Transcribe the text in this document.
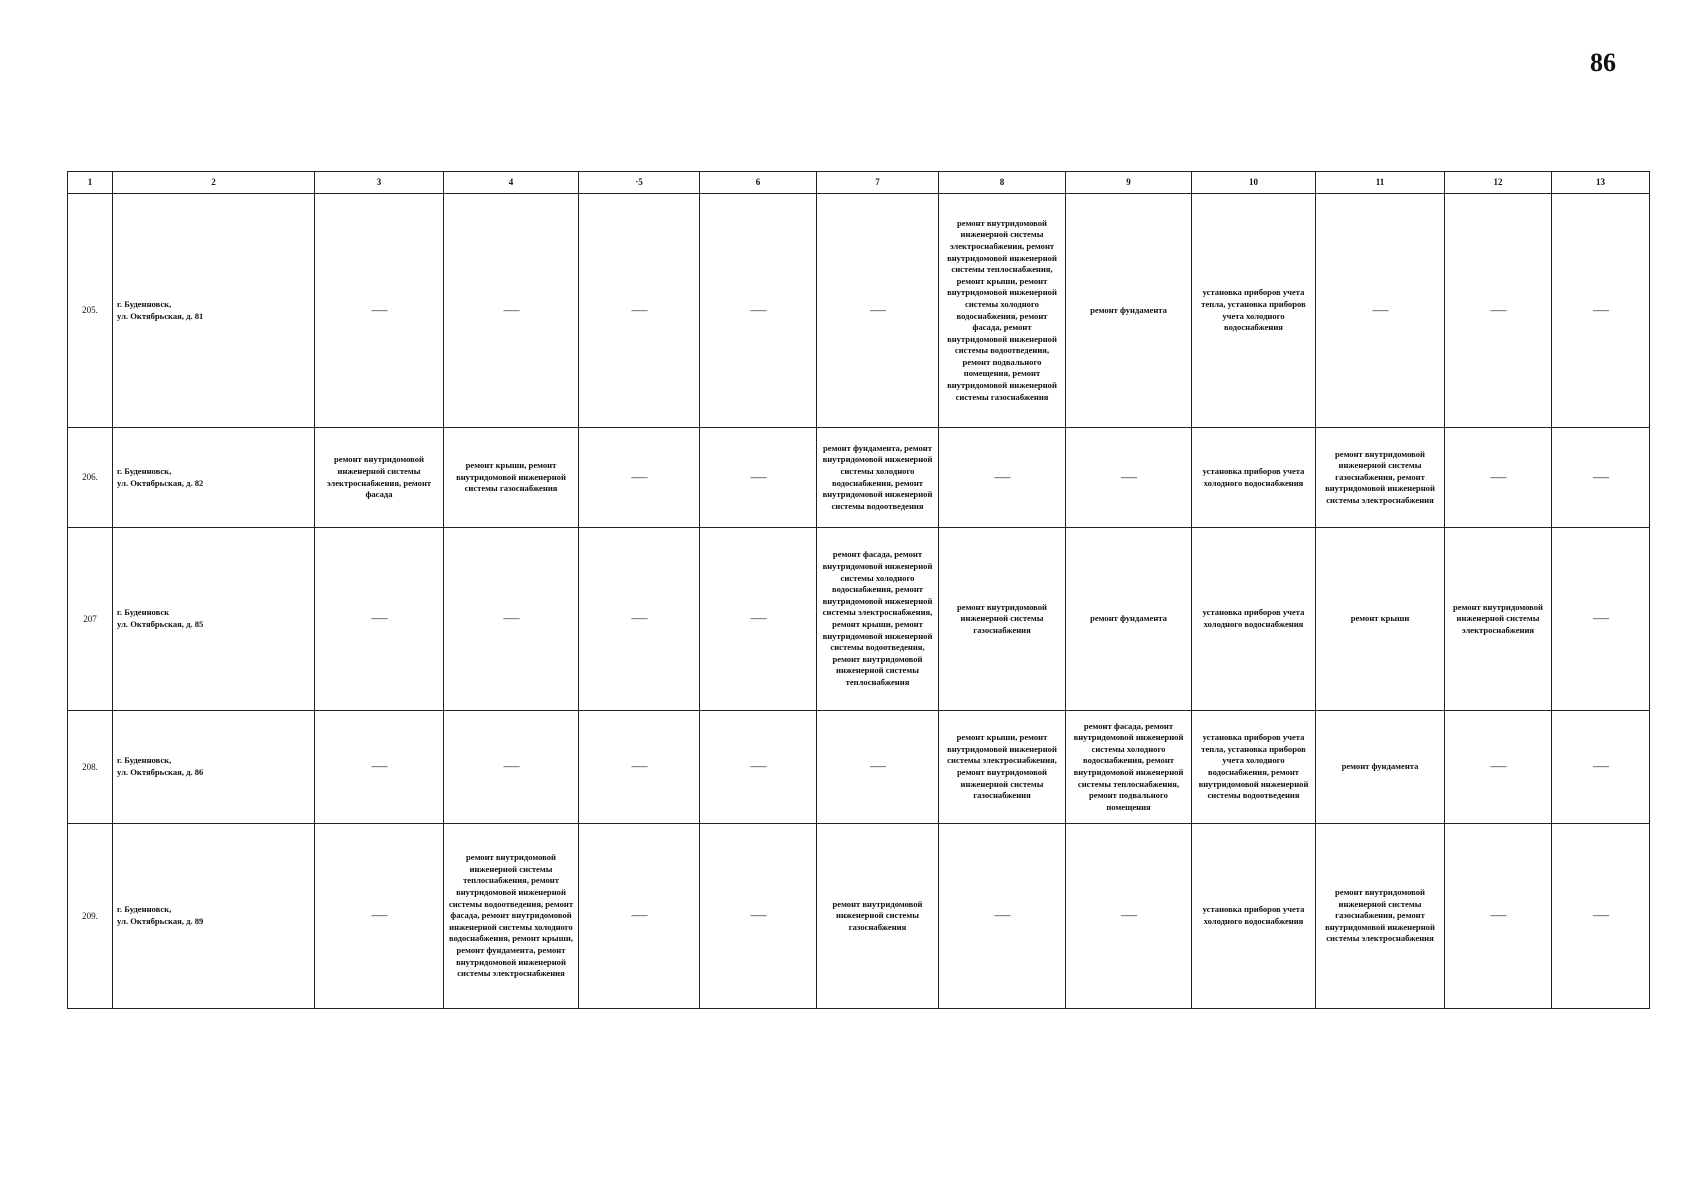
86
1	2	3	4	·5	6	7	8	9	10	11	12	13
205.	г. Буденновск,
ул. Октябрьская, д. 81	——	——	——	——	——	ремонт внутридомовой инженерной системы электроснабжения, ремонт внутридомовой инженерной системы теплоснабжения, ремонт крыши, ремонт внутридомовой инженерной системы холодного водоснабжения, ремонт фасада, ремонт внутридомовой инженерной системы водоотведения, ремонт подвального помещения, ремонт внутридомовой инженерной системы газоснабжения	ремонт фундамента	установка приборов учета тепла, установка приборов учета холодного водоснабжения	——	——	——
206.	г. Буденновск,
ул. Октябрьская, д. 82	ремонт внутридомовой инженерной системы электроснабжения, ремонт фасада	ремонт крыши, ремонт внутридомовой инженерной системы газоснабжения	——	——	ремонт фундамента, ремонт внутридомовой инженерной системы холодного водоснабжения, ремонт внутридомовой инженерной системы водоотведения	——	——	установка приборов учета холодного водоснабжения	ремонт внутридомовой инженерной системы газоснабжения, ремонт внутридомовой инженерной системы электроснабжения	——	——
207	г. Буденновск
ул. Октябрьская, д. 85	——	——	——	——	ремонт фасада, ремонт внутридомовой инженерной системы холодного водоснабжения, ремонт внутридомовой инженерной системы электроснабжения, ремонт крыши, ремонт внутридомовой инженерной системы водоотведения, ремонт внутридомовой инженерной системы теплоснабжения	ремонт внутридомовой инженерной системы газоснабжения	ремонт фундамента	установка приборов учета холодного водоснабжения	ремонт крыши	ремонт внутридомовой инженерной системы электроснабжения	——
208.	г. Буденновск,
ул. Октябрьская, д. 86	——	——	——	——	——	ремонт крыши, ремонт внутридомовой инженерной системы электроснабжения, ремонт внутридомовой инженерной системы газоснабжения	ремонт фасада, ремонт внутридомовой инженерной системы холодного водоснабжения, ремонт внутридомовой инженерной системы теплоснабжения, ремонт подвального помещения	установка приборов учета тепла, установка приборов учета холодного водоснабжения, ремонт внутридомовой инженерной системы водоотведения	ремонт фундамента	——	——
209.	г. Буденновск,
ул. Октябрьская, д. 89	——	ремонт внутридомовой инженерной системы теплоснабжения, ремонт внутридомовой инженерной системы водоотведения, ремонт фасада, ремонт внутридомовой инженерной системы холодного водоснабжения, ремонт крыши, ремонт фундамента, ремонт внутридомовой инженерной системы электроснабжения	——	——	ремонт внутридомовой инженерной системы газоснабжения	——	——	установка приборов учета холодного водоснабжения	ремонт внутридомовой инженерной системы газоснабжения, ремонт внутридомовой инженерной системы электроснабжения	——	——
